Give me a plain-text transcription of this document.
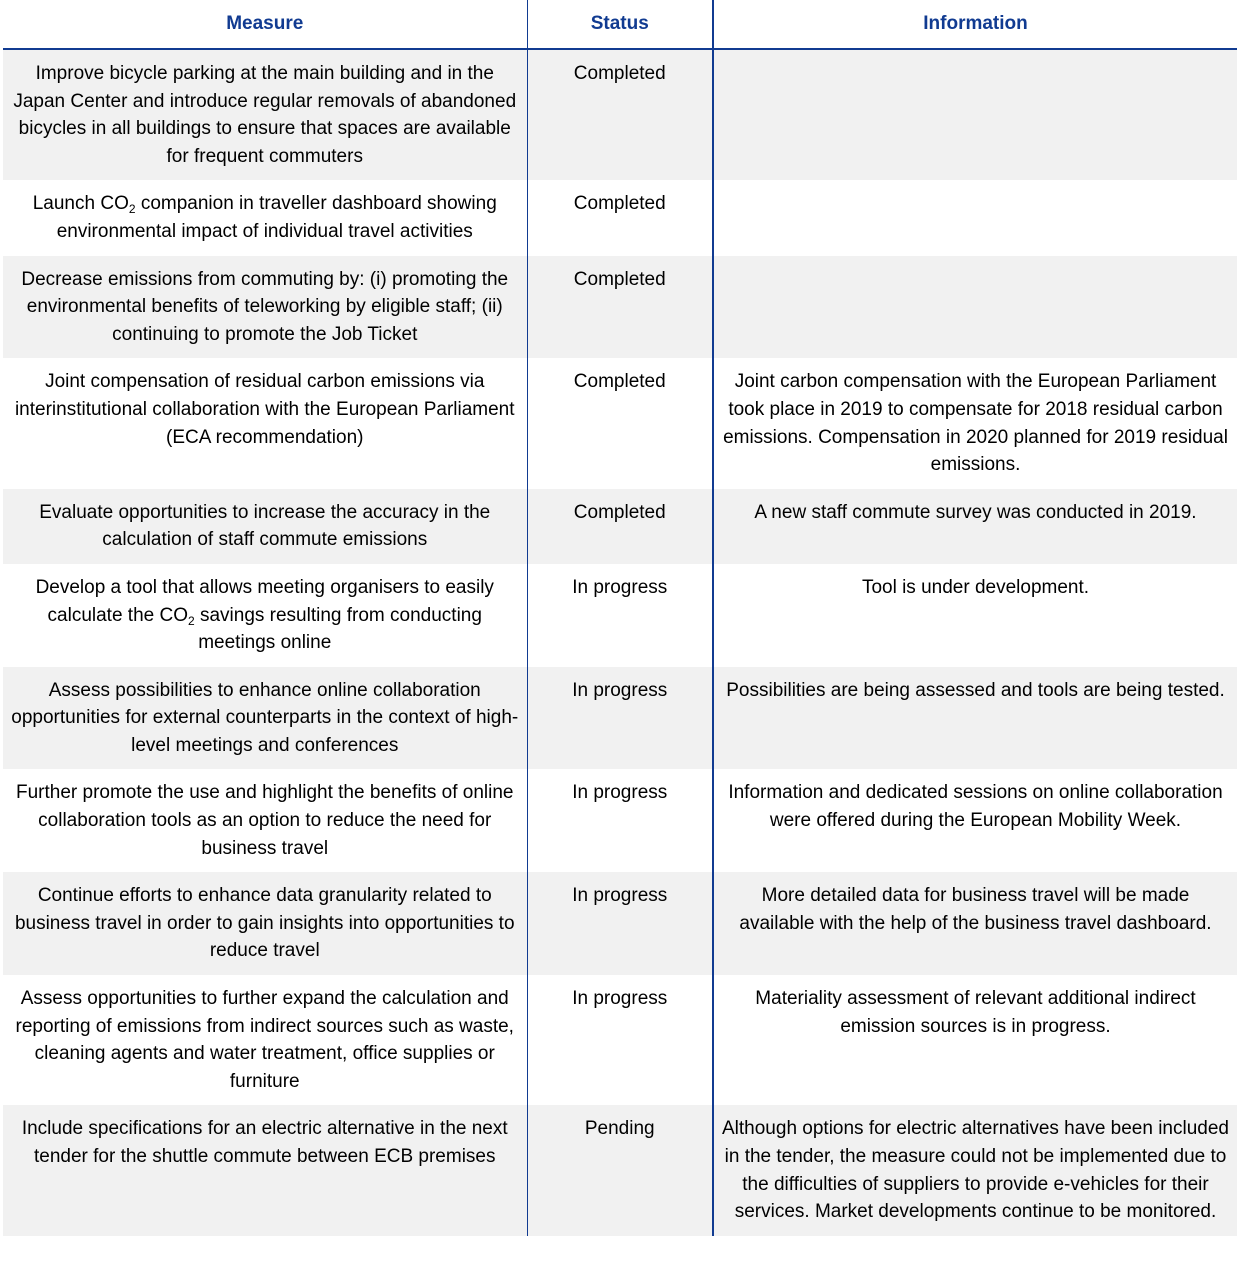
Measure	Status	Information
Improve bicycle parking at the main building and in the Japan Center and introduce regular removals of abandoned bicycles in all buildings to ensure that spaces are available for frequent commuters	Completed	
Launch $CO_2$ companion in traveller dashboard showing environmental impact of individual travel activities	Completed	
Decrease emissions from commuting by: (i) promoting the environmental benefits of teleworking by eligible staff; (ii) continuing to promote the Job Ticket	Completed	
Joint compensation of residual carbon emissions via interinstitutional collaboration with the European Parliament (ECA recommendation)	Completed	Joint carbon compensation with the European Parliament took place in 2019 to compensate for 2018 residual carbon emissions. Compensation in 2020 planned for 2019 residual emissions.
Evaluate opportunities to increase the accuracy in the calculation of staff commute emissions	Completed	A new staff commute survey was conducted in 2019.
Develop a tool that allows meeting organisers to easily calculate the $CO_2$ savings resulting from conducting meetings online	In progress	Tool is under development.
Assess possibilities to enhance online collaboration opportunities for external counterparts in the context of high-level meetings and conferences	In progress	Possibilities are being assessed and tools are being tested.
Further promote the use and highlight the benefits of online collaboration tools as an option to reduce the need for business travel	In progress	Information and dedicated sessions on online collaboration were offered during the European Mobility Week.
Continue efforts to enhance data granularity related to business travel in order to gain insights into opportunities to reduce travel	In progress	More detailed data for business travel will be made available with the help of the business travel dashboard.
Assess opportunities to further expand the calculation and reporting of emissions from indirect sources such as waste, cleaning agents and water treatment, office supplies or furniture	In progress	Materiality assessment of relevant additional indirect emission sources is in progress.
Include specifications for an electric alternative in the next tender for the shuttle commute between ECB premises	Pending	Although options for electric alternatives have been included in the tender, the measure could not be implemented due to the difficulties of suppliers to provide e-vehicles for their services. Market developments continue to be monitored.
